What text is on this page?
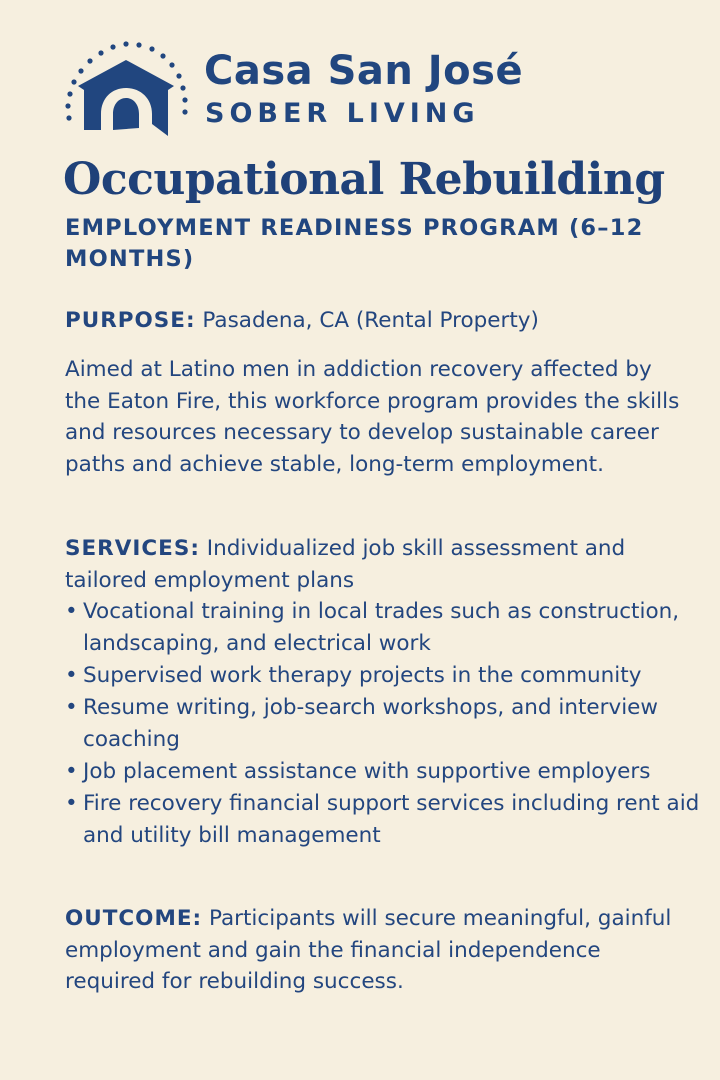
Casa San José
SOBER LIVING
Occupational Rebuilding
EMPLOYMENT READINESS PROGRAM (6–12 MONTHS)

PURPOSE: Pasadena, CA (Rental Property)

Aimed at Latino men in addiction recovery affected by the Eaton Fire, this workforce program provides the skills and resources necessary to develop sustainable career paths and achieve stable, long-term employment.

SERVICES: Individualized job skill assessment and tailored employment plans

• Vocational training in local trades such as construction, landscaping, and electrical work
• Supervised work therapy projects in the community
• Resume writing, job-search workshops, and interview coaching
• Job placement assistance with supportive employers
• Fire recovery financial support services including rent aid and utility bill management

OUTCOME: Participants will secure meaningful, gainful employment and gain the financial independence required for rebuilding success.
